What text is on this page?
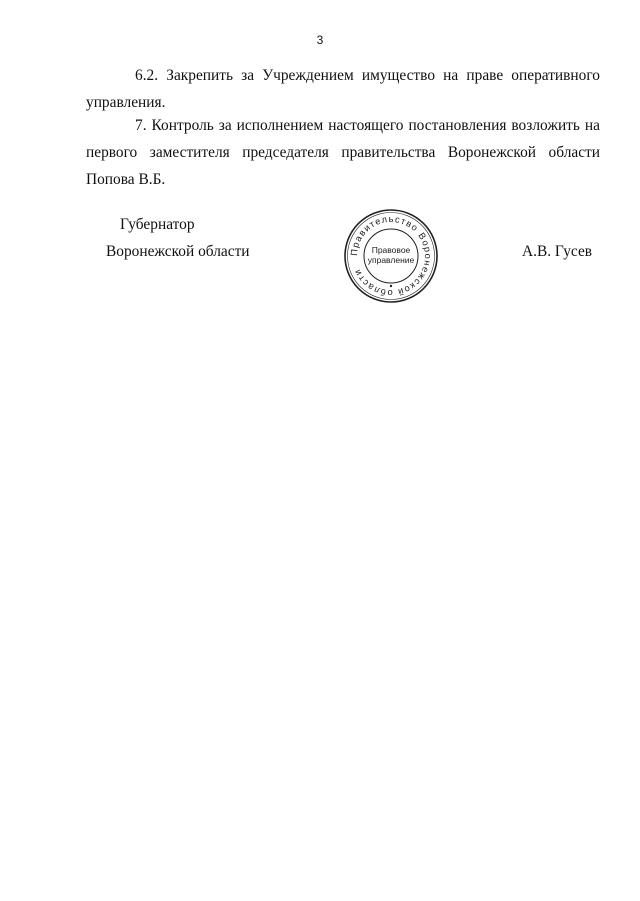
3

6.2. Закрепить за Учреждением имущество на праве оперативного управления.

7. Контроль за исполнением настоящего постановления возложить на первого заместителя председателя правительства Воронежской области Попова В.Б.

Губернатор
Воронежской области	А.В. Гусев
Правительство Воронежской области
Правовое
управление
